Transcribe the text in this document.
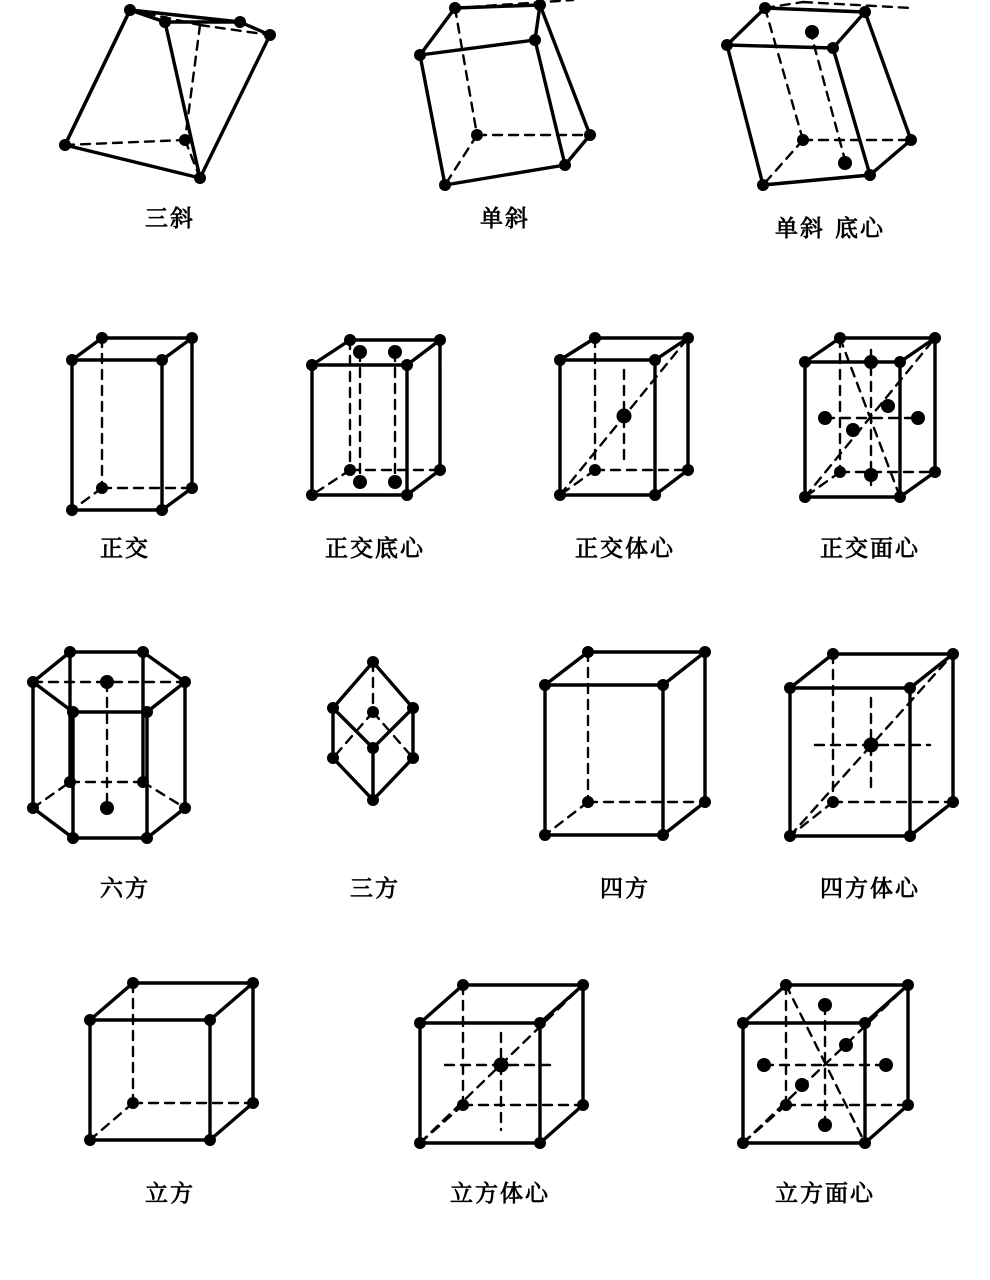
三斜	单斜	单斜 底心
正交	正交底心	正交体心	正交面心
六方	三方	四方	四方体心
立方	立方体心	立方面心
